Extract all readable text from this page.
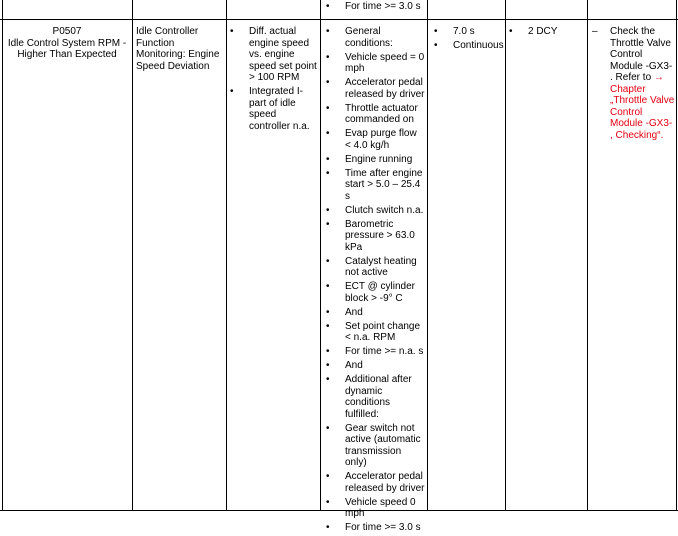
• For time >= 3.0 s
P0507
Idle Control System RPM - Higher Than Expected
Idle Controller Function Monitoring: Engine Speed Deviation
• Diff. actual engine speed vs. engine speed set point > 100 RPM
• Integrated I-part of idle speed controller n.a.
• General conditions:
• Vehicle speed = 0 mph
• Accelerator pedal released by driver
• Throttle actuator commanded on
• Evap purge flow < 4.0 kg/h
• Engine running
• Time after engine start > 5.0 – 25.4 s
• Clutch switch n.a.
• Barometric pressure > 63.0 kPa
• Catalyst heating not active
• ECT @ cylinder block > -9° C
• And
• Set point change < n.a. RPM
• For time >= n.a. s
• And
• Additional after dynamic conditions fulfilled:
• Gear switch not active (automatic transmission only)
• Accelerator pedal released by driver
• Vehicle speed 0 mph
• For time >= 3.0 s
• 7.0 s
• Continuous
• 2 DCY	– Check the Throttle Valve Control Module -GX3- . Refer to → Chapter „Throttle Valve Control Module -GX3- , Checking“.
